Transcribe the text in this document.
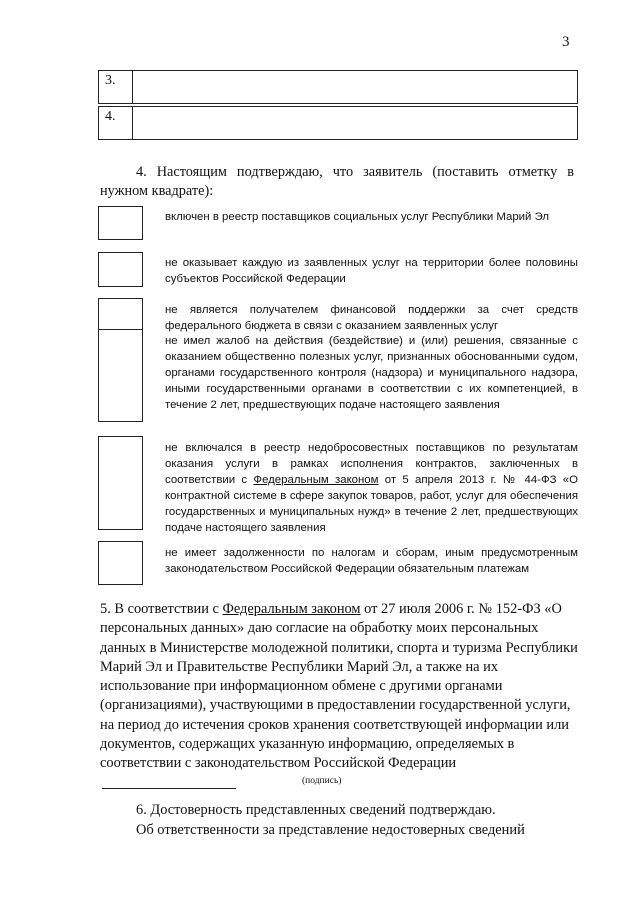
3
3.
4.
4. Настоящим подтверждаю, что заявитель (поставить отметку в нужном квадрате):
включен в реестр поставщиков социальных услуг Республики Марий Эл
не оказывает каждую из заявленных услуг на территории более половины субъектов Российской Федерации
не является получателем финансовой поддержки за счет средств федерального бюджета в связи с оказанием заявленных услуг
не имел жалоб на действия (бездействие) и (или) решения, связанные с оказанием общественно полезных услуг, признанных обоснованными судом, органами государственного контроля (надзора) и муниципального надзора, иными государственными органами в соответствии с их компетенцией, в течение 2 лет, предшествующих подаче настоящего заявления
не включался в реестр недобросовестных поставщиков по результатам оказания услуги в рамках исполнения контрактов, заключенных в соответствии с Федеральным законом от 5 апреля 2013 г. № 44-ФЗ «О контрактной системе в сфере закупок товаров, работ, услуг для обеспечения государственных и муниципальных нужд» в течение 2 лет, предшествующих подаче настоящего заявления
не имеет задолженности по налогам и сборам, иным предусмотренным законодательством Российской Федерации обязательным платежам
5. В соответствии с Федеральным законом от 27 июля 2006 г. № 152-ФЗ «О персональных данных» даю согласие на обработку моих персональных данных в Министерстве молодежной политики, спорта и туризма Республики Марий Эл и Правительстве Республики Марий Эл, а также на их использование при информационном обмене с другими органами (организациями), участвующими в предоставлении государственной услуги, на период до истечения сроков хранения соответствующей информации или документов, содержащих указанную информацию, определяемых в соответствии с законодательством Российской Федерации
(подпись)
6. Достоверность представленных сведений подтверждаю.
Об ответственности за представление недостоверных сведений
